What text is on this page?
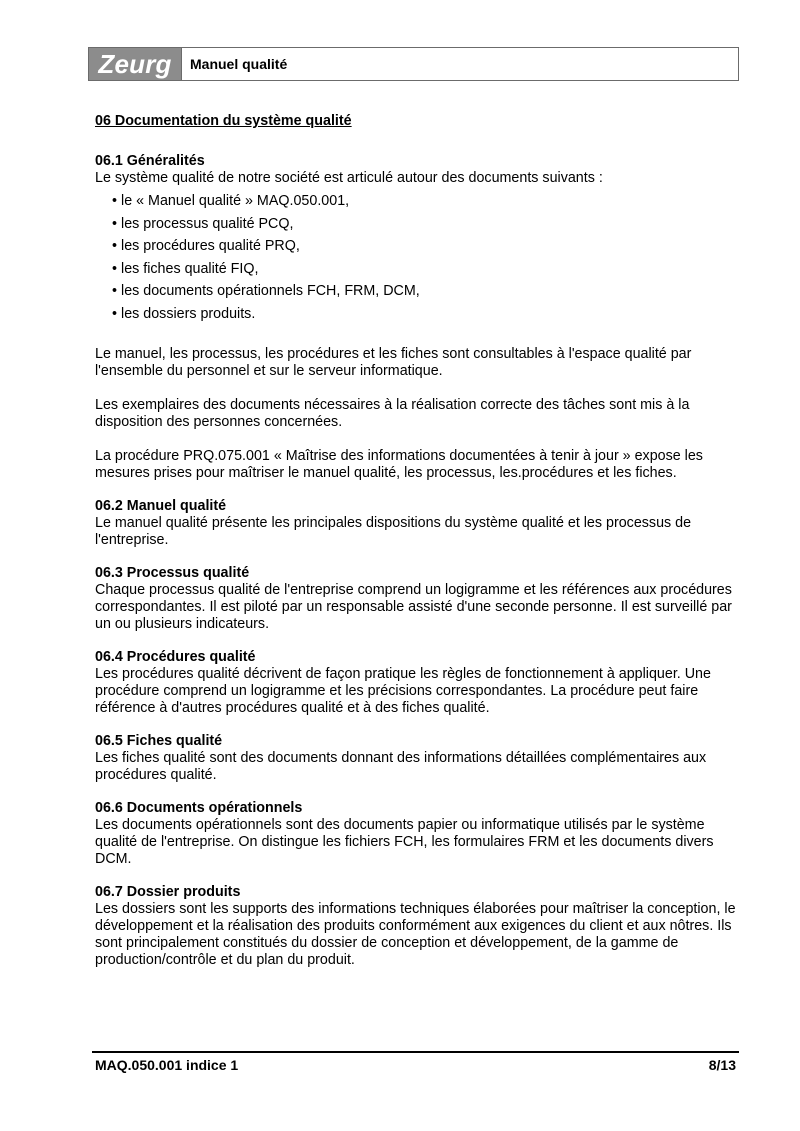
Zeurg	Manuel qualité
06 Documentation du système qualité
06.1 Généralités

Le système qualité de notre société est articulé autour des documents suivants :

• le « Manuel qualité » MAQ.050.001,
• les processus qualité PCQ,
• les procédures qualité PRQ,
• les fiches qualité FIQ,
• les documents opérationnels FCH, FRM, DCM,
• les dossiers produits.

Le manuel, les processus, les procédures et les fiches sont consultables à l'espace qualité par l'ensemble du personnel et sur le serveur informatique.

Les exemplaires des documents nécessaires à la réalisation correcte des tâches sont mis à la disposition des personnes concernées.

La procédure PRQ.075.001 « Maîtrise des informations documentées à tenir à jour » expose les mesures prises pour maîtriser le manuel qualité, les processus, les.procédures et les fiches.

06.2 Manuel qualité

Le manuel qualité présente les principales dispositions du système qualité et les processus de l'entreprise.

06.3 Processus qualité

Chaque processus qualité de l'entreprise comprend un logigramme et les références aux procédures correspondantes. Il est piloté par un responsable assisté d'une seconde personne. Il est surveillé par un ou plusieurs indicateurs.

06.4 Procédures qualité

Les procédures qualité décrivent de façon pratique les règles de fonctionnement à appliquer. Une procédure comprend un logigramme et les précisions correspondantes. La procédure peut faire référence à d'autres procédures qualité et à des fiches qualité.

06.5 Fiches qualité

Les fiches qualité sont des documents donnant des informations détaillées complémentaires aux procédures qualité.

06.6 Documents opérationnels

Les documents opérationnels sont des documents papier ou informatique utilisés par le système qualité de l'entreprise. On distingue les fichiers FCH, les formulaires FRM et les documents divers DCM.

06.7 Dossier produits

Les dossiers sont les supports des informations techniques élaborées pour maîtriser la conception, le développement et la réalisation des produits conformément aux exigences du client et aux nôtres. Ils sont principalement constitués du dossier de conception et développement, de la gamme de production/contrôle et du plan du produit.

MAQ.050.001 indice 1	8/13
